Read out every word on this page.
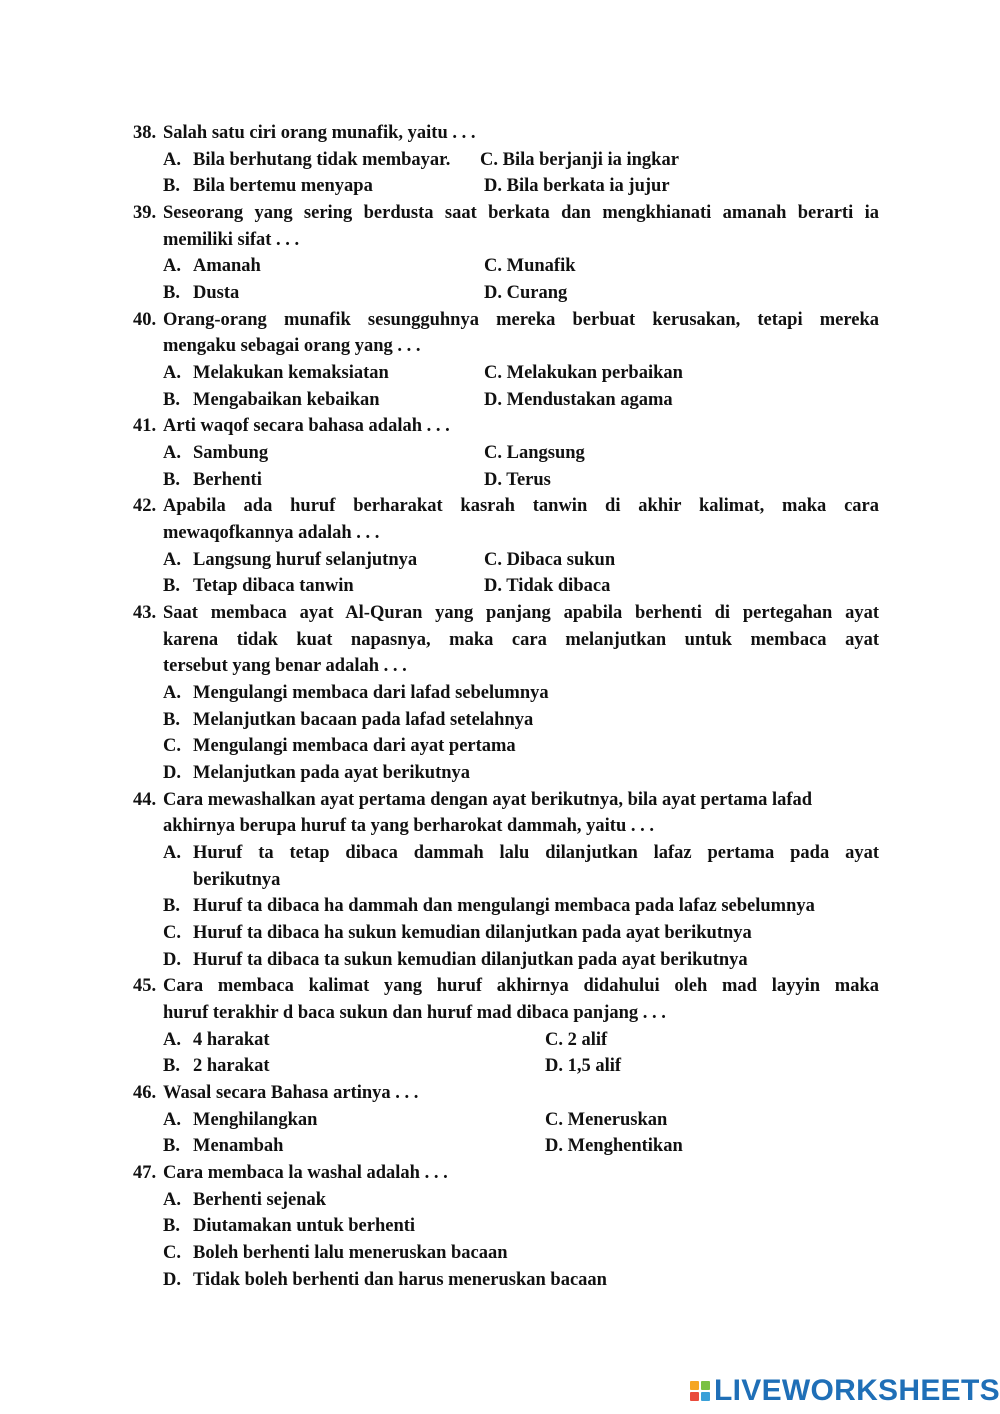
38. Salah satu ciri orang munafik, yaitu . . .
A. Bila berhutang tidak membayar. C. Bila berjanji ia ingkar
B. Bila bertemu menyapa	D. Bila berkata ia jujur
39. Seseorang yang sering berdusta saat berkata dan mengkhianati amanah berarti ia
memiliki sifat . . .
A. Amanah	C. Munafik
B. Dusta	D. Curang
40. Orang-orang munafik sesungguhnya mereka berbuat kerusakan, tetapi mereka
mengaku sebagai orang yang . . .
A. Melakukan kemaksiatan	C. Melakukan perbaikan
B. Mengabaikan kebaikan	D. Mendustakan agama
41. Arti waqof secara bahasa adalah . . .
A. Sambung	C. Langsung
B. Berhenti	D. Terus
42. Apabila ada huruf berharakat kasrah tanwin di akhir kalimat, maka cara
mewaqofkannya adalah . . .
A. Langsung huruf selanjutnya	C. Dibaca sukun
B. Tetap dibaca tanwin	D. Tidak dibaca
43. Saat membaca ayat Al-Quran yang panjang apabila berhenti di pertegahan ayat
karena tidak kuat napasnya, maka cara melanjutkan untuk membaca ayat
tersebut yang benar adalah . . .
A. Mengulangi membaca dari lafad sebelumnya
B. Melanjutkan bacaan pada lafad setelahnya
C. Mengulangi membaca dari ayat pertama
D. Melanjutkan pada ayat berikutnya
44. Cara mewashalkan ayat pertama dengan ayat berikutnya, bila ayat pertama lafad
akhirnya berupa huruf ta yang berharokat dammah, yaitu . . .
A. Huruf ta tetap dibaca dammah lalu dilanjutkan lafaz pertama pada ayat
berikutnya
B. Huruf ta dibaca ha dammah dan mengulangi membaca pada lafaz sebelumnya
C. Huruf ta dibaca ha sukun kemudian dilanjutkan pada ayat berikutnya
D. Huruf ta dibaca ta sukun kemudian dilanjutkan pada ayat berikutnya
45. Cara membaca kalimat yang huruf akhirnya didahului oleh mad layyin maka
huruf terakhir d baca sukun dan huruf mad dibaca panjang . . .
A. 4 harakat	C. 2 alif
B. 2 harakat	D. 1,5 alif
46. Wasal secara Bahasa artinya . . .
A. Menghilangkan	C. Meneruskan
B. Menambah	D. Menghentikan
47. Cara membaca la washal adalah . . .
A. Berhenti sejenak
B. Diutamakan untuk berhenti
C. Boleh berhenti lalu meneruskan bacaan
D. Tidak boleh berhenti dan harus meneruskan bacaan
LIVEWORKSHEETS
